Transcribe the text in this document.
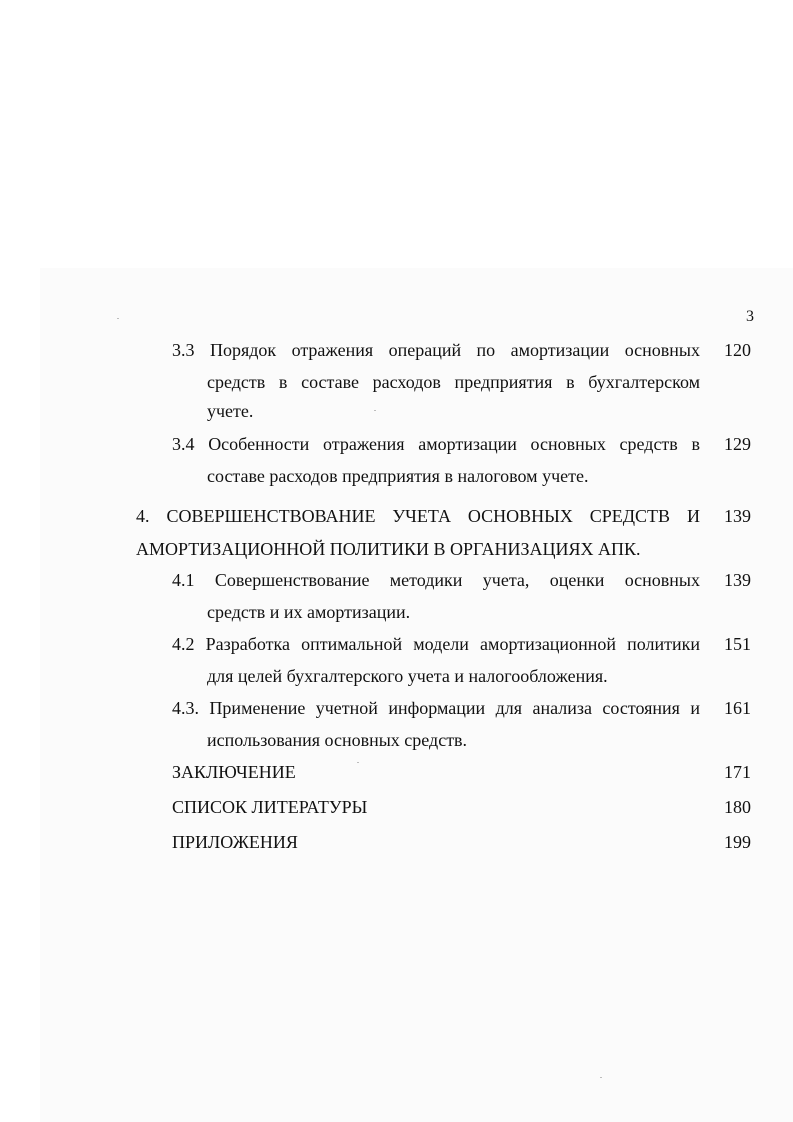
3
3.3 Порядок отражения операций по амортизации основных
средств в составе расходов предприятия в бухгалтерском
учете.
120
3.4 Особенности отражения амортизации основных средств в
составе расходов предприятия в налоговом учете.
129
4. СОВЕРШЕНСТВОВАНИЕ УЧЕТА ОСНОВНЫХ СРЕДСТВ И
АМОРТИЗАЦИОННОЙ ПОЛИТИКИ В ОРГАНИЗАЦИЯХ АПК.
139
4.1 Совершенствование методики учета, оценки основных
средств и их амортизации.
139
4.2 Разработка оптимальной модели амортизационной политики
для целей бухгалтерского учета и налогообложения.
151
4.3. Применение учетной информации для анализа состояния и
использования основных средств.
161
ЗАКЛЮЧЕНИЕ	171
СПИСОК ЛИТЕРАТУРЫ	180
ПРИЛОЖЕНИЯ	199
